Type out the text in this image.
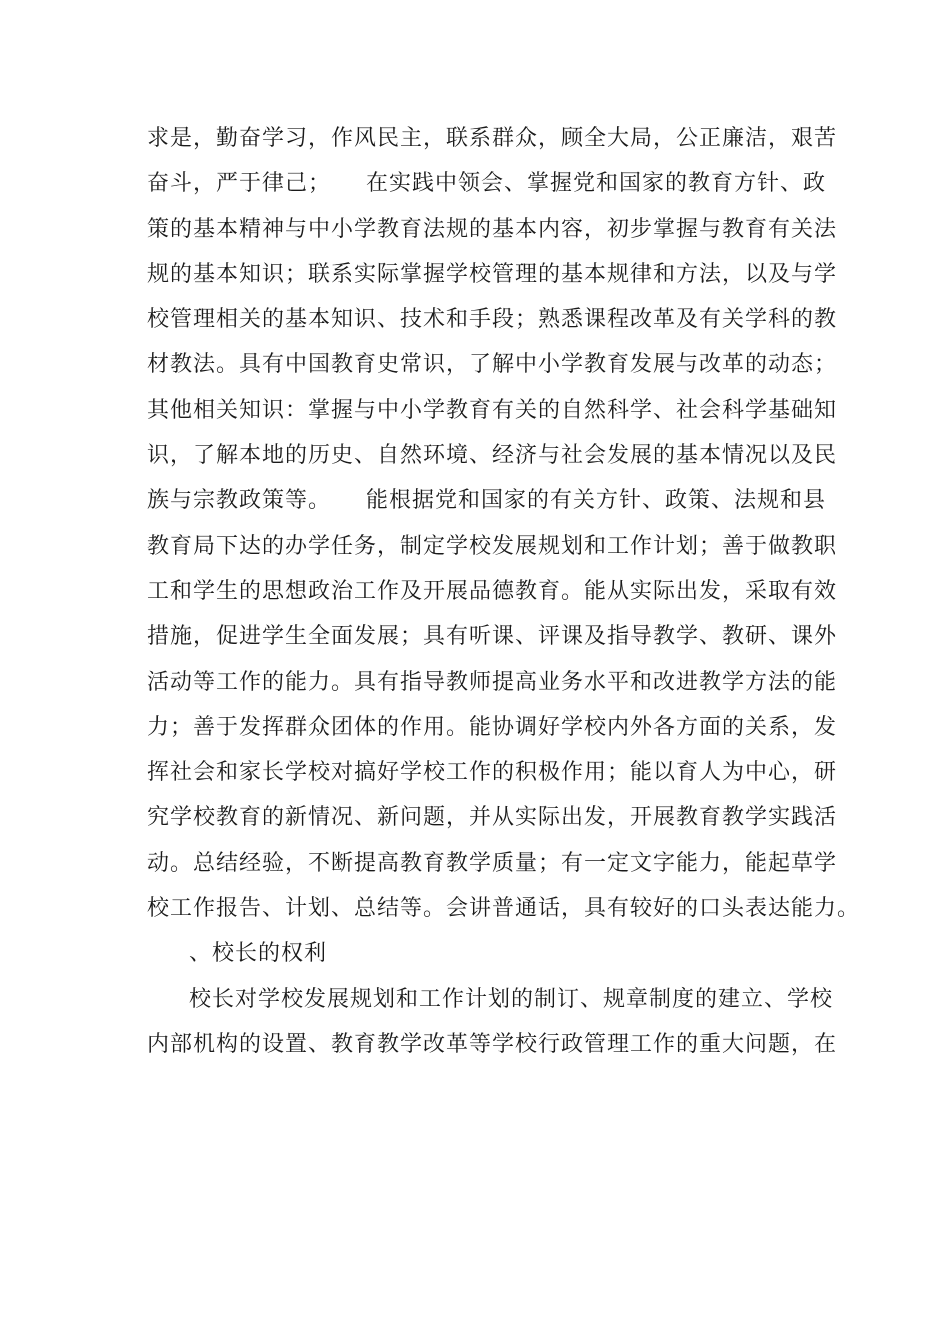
求是，勤奋学习，作风民主，联系群众，顾全大局，公正廉洁，艰苦
奋斗，严于律己；　　在实践中领会、掌握党和国家的教育方针、政
策的基本精神与中小学教育法规的基本内容，初步掌握与教育有关法
规的基本知识；联系实际掌握学校管理的基本规律和方法，以及与学
校管理相关的基本知识、技术和手段；熟悉课程改革及有关学科的教
材教法。具有中国教育史常识，了解中小学教育发展与改革的动态；
其他相关知识：掌握与中小学教育有关的自然科学、社会科学基础知
识，了解本地的历史、自然环境、经济与社会发展的基本情况以及民
族与宗教政策等。　　能根据党和国家的有关方针、政策、法规和县
教育局下达的办学任务，制定学校发展规划和工作计划；善于做教职
工和学生的思想政治工作及开展品德教育。能从实际出发，采取有效
措施，促进学生全面发展；具有听课、评课及指导教学、教研、课外
活动等工作的能力。具有指导教师提高业务水平和改进教学方法的能
力；善于发挥群众团体的作用。能协调好学校内外各方面的关系，发
挥社会和家长学校对搞好学校工作的积极作用；能以育人为中心，研
究学校教育的新情况、新问题，并从实际出发，开展教育教学实践活
动。总结经验，不断提高教育教学质量；有一定文字能力，能起草学
校工作报告、计划、总结等。会讲普通话，具有较好的口头表达能力。
、校长的权利
校长对学校发展规划和工作计划的制订、规章制度的建立、学校
内部机构的设置、教育教学改革等学校行政管理工作的重大问题，在
